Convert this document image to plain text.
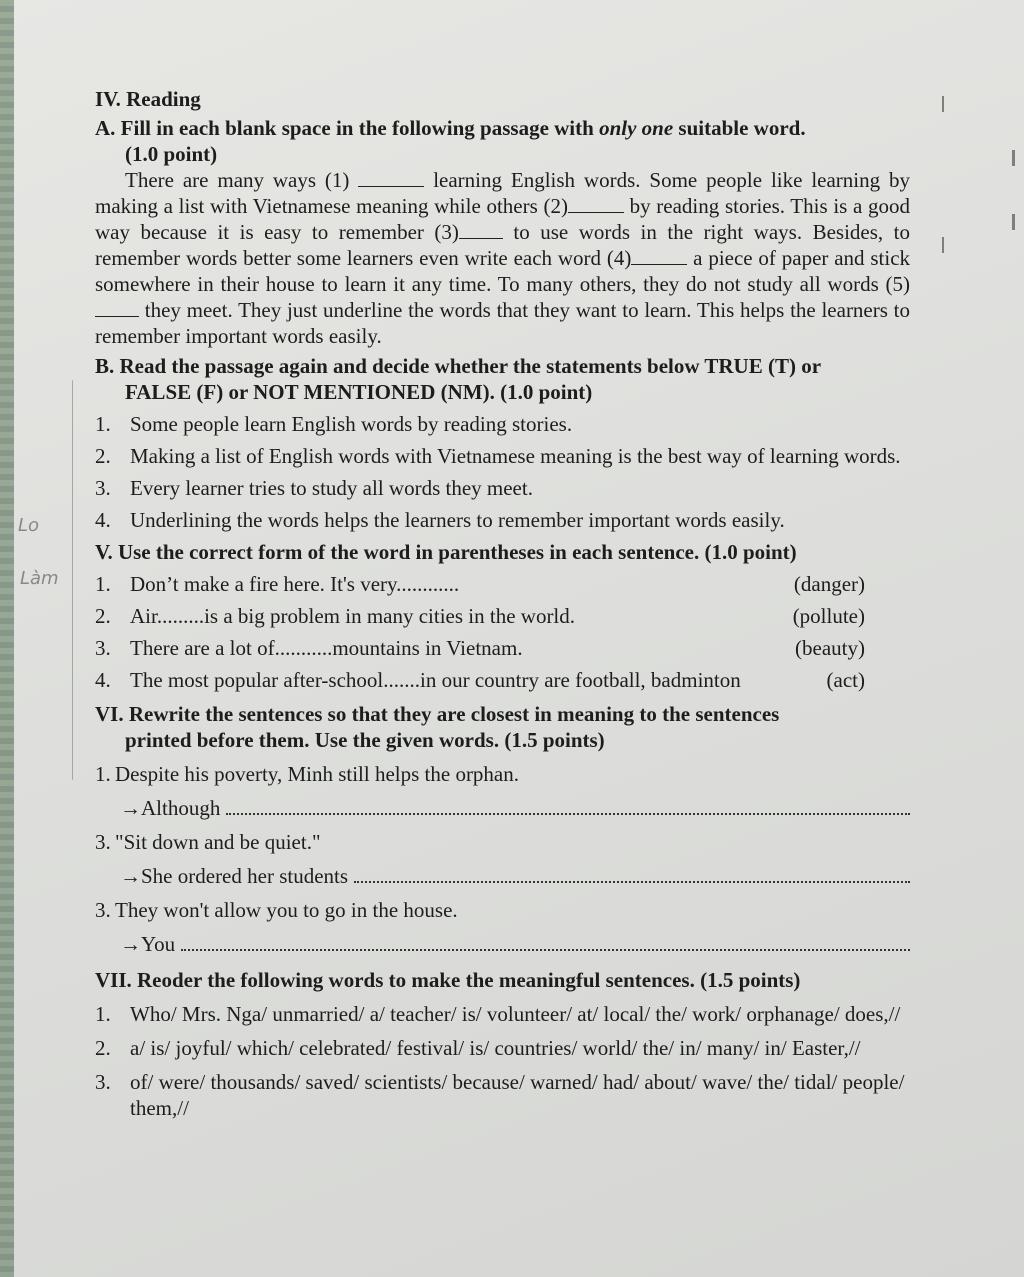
Lo
Làm

IV. Reading

A. Fill in each blank space in the following passage with only one suitable word.

(1.0 point)

There are many ways (1)	learning English words. Some people like learning by making a list with Vietnamese meaning while others (2)	by reading stories. This is a good way because it is easy to remember (3)	to use words in the right ways. Besides, to remember words better some learners even write each word (4)	a piece of paper and stick somewhere in their house to learn it any time. To many others, they do not study all words (5) they meet. They just underline the words that they want to learn. This helps the learners to remember important words easily.

B. Read the passage again and decide whether the statements below TRUE (T) or

FALSE (F) or NOT MENTIONED (NM). (1.0 point)

1. Some people learn English words by reading stories.
2. Making a list of English words with Vietnamese meaning is the best way of learning words.
3. Every learner tries to study all words they meet.
4. Underlining the words helps the learners to remember important words easily.

V. Use the correct form of the word in parentheses in each sentence. (1.0 point)

1. Don’t make a fire here. It's very............	(danger)
2. Air.........is a big problem in many cities in the world.	(pollute)
3. There are a lot of...........mountains in Vietnam.	(beauty)
4. The most popular after-school.......in our country are football, badminton	(act)

VI. Rewrite the sentences so that they are closest in meaning to the sentences

printed before them. Use the given words. (1.5 points)

1. Despite his poverty, Minh still helps the orphan.
→Although
3. "Sit down and be quiet."
→She ordered her students
3. They won't allow you to go in the house.
→You

VII. Reoder the following words to make the meaningful sentences. (1.5 points)

1. Who/ Mrs. Nga/ unmarried/ a/ teacher/ is/ volunteer/ at/ local/ the/ work/ orphanage/ does,//
2. a/ is/ joyful/ which/ celebrated/ festival/ is/ countries/ world/ the/ in/ many/ in/ Easter,//
3. of/ were/ thousands/ saved/ scientists/ because/ warned/ had/ about/ wave/ the/ tidal/ people/ them,//
